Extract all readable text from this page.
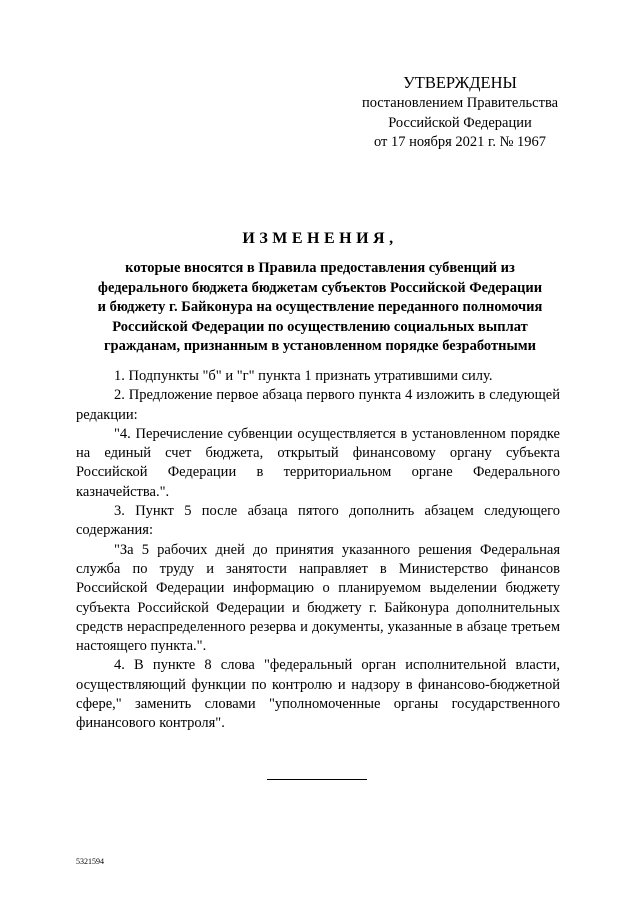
УТВЕРЖДЕНЫ
постановлением Правительства
Российской Федерации
от 17 ноября 2021 г. № 1967
ИЗМЕНЕНИЯ,
которые вносятся в Правила предоставления субвенций из
федерального бюджета бюджетам субъектов Российской Федерации
и бюджету г. Байконура на осуществление переданного полномочия
Российской Федерации по осуществлению социальных выплат
гражданам, признанным в установленном порядке безработными

1. Подпункты "б" и "г" пункта 1 признать утратившими силу.

2. Предложение первое абзаца первого пункта 4 изложить в следующей редакции:

"4. Перечисление субвенции осуществляется в установленном порядке на единый счет бюджета, открытый финансовому органу субъекта Российской Федерации в территориальном органе Федерального казначейства.".

3. Пункт 5 после абзаца пятого дополнить абзацем следующего содержания:

"За 5 рабочих дней до принятия указанного решения Федеральная служба по труду и занятости направляет в Министерство финансов Российской Федерации информацию о планируемом выделении бюджету субъекта Российской Федерации и бюджету г. Байконура дополнительных средств нераспределенного резерва и документы, указанные в абзаце третьем настоящего пункта.".

4. В пункте 8 слова "федеральный орган исполнительной власти, осуществляющий функции по контролю и надзору в финансово-бюджетной сфере," заменить словами "уполномоченные органы государственного финансового контроля".

5321594
